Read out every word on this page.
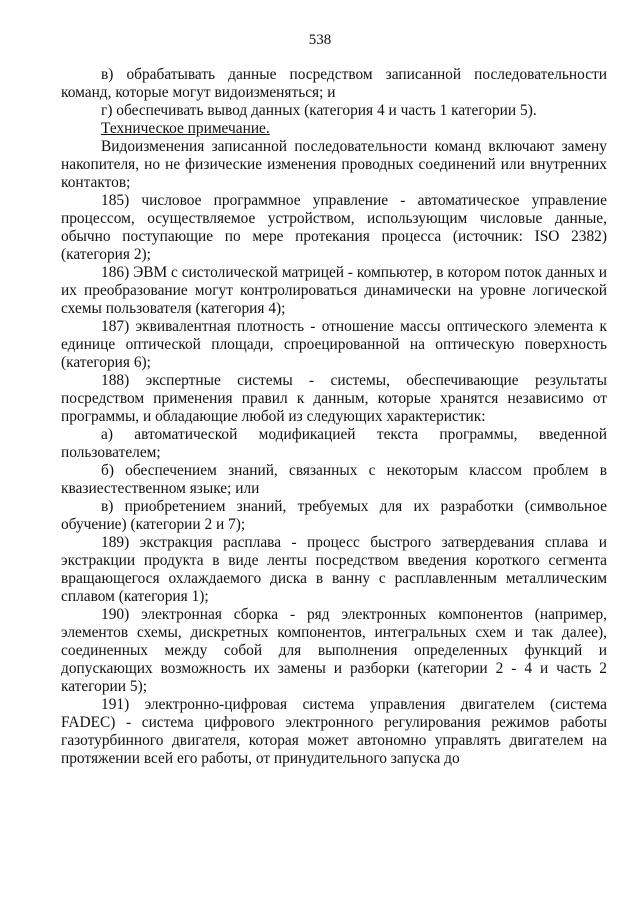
538

в) обрабатывать данные посредством записанной последовательности команд, которые могут видоизменяться; и

г) обеспечивать вывод данных (категория 4 и часть 1 категории 5).

Техническое примечание.

Видоизменения записанной последовательности команд включают замену накопителя, но не физические изменения проводных соединений или внутренних контактов;

185) числовое программное управление - автоматическое управление процессом, осуществляемое устройством, использующим числовые данные, обычно поступающие по мере протекания процесса (источник: ISO 2382) (категория 2);

186) ЭВМ с систолической матрицей - компьютер, в котором поток данных и их преобразование могут контролироваться динамически на уровне логической схемы пользователя (категория 4);

187) эквивалентная плотность - отношение массы оптического элемента к единице оптической площади, спроецированной на оптическую поверхность (категория 6);

188) экспертные системы - системы, обеспечивающие результаты посредством применения правил к данным, которые хранятся независимо от программы, и обладающие любой из следующих характеристик:

а) автоматической модификацией текста программы, введенной пользователем;

б) обеспечением знаний, связанных с некоторым классом проблем в квазиестественном языке; или

в) приобретением знаний, требуемых для их разработки (символьное обучение) (категории 2 и 7);

189) экстракция расплава - процесс быстрого затвердевания сплава и экстракции продукта в виде ленты посредством введения короткого сегмента вращающегося охлаждаемого диска в ванну с расплавленным металлическим сплавом (категория 1);

190) электронная сборка - ряд электронных компонентов (например, элементов схемы, дискретных компонентов, интегральных схем и так далее), соединенных между собой для выполнения определенных функций и допускающих возможность их замены и разборки (категории 2 - 4 и часть 2 категории 5);

191) электронно-цифровая система управления двигателем (система FADEC) - система цифрового электронного регулирования режимов работы газотурбинного двигателя, которая может автономно управлять двигателем на протяжении всей его работы, от принудительного запуска до
